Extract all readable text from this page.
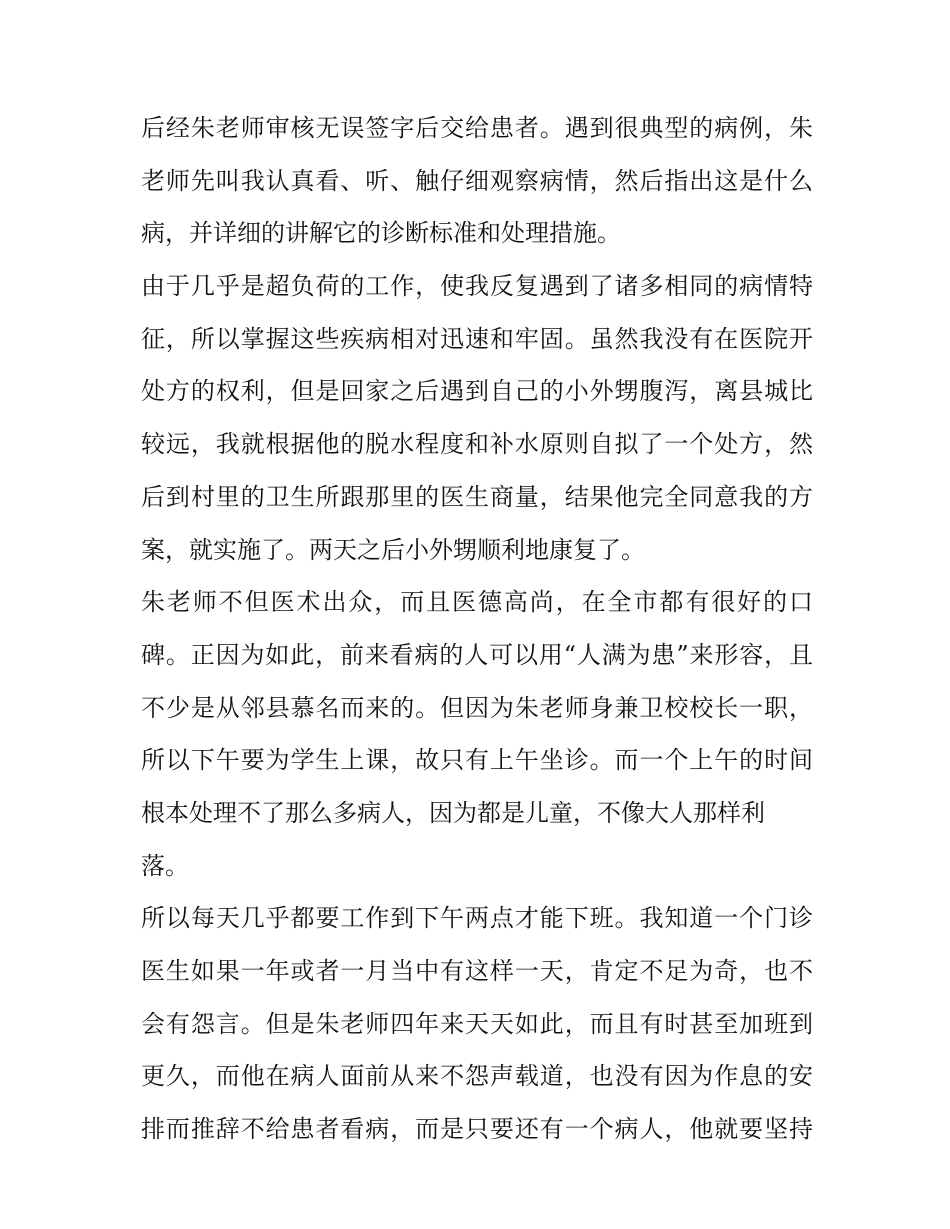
后经朱老师审核无误签字后交给患者。遇到很典型的病例，朱
老师先叫我认真看、听、触仔细观察病情，然后指出这是什么
病，并详细的讲解它的诊断标准和处理措施。
由于几乎是超负荷的工作，使我反复遇到了诸多相同的病情特
征，所以掌握这些疾病相对迅速和牢固。虽然我没有在医院开
处方的权利，但是回家之后遇到自己的小外甥腹泻，离县城比
较远，我就根据他的脱水程度和补水原则自拟了一个处方，然
后到村里的卫生所跟那里的医生商量，结果他完全同意我的方
案，就实施了。两天之后小外甥顺利地康复了。
朱老师不但医术出众，而且医德高尚，在全市都有很好的口
碑。正因为如此，前来看病的人可以用“人满为患”来形容，且
不少是从邻县慕名而来的。但因为朱老师身兼卫校校长一职，
所以下午要为学生上课，故只有上午坐诊。而一个上午的时间
根本处理不了那么多病人，因为都是儿童，不像大人那样利
落。
所以每天几乎都要工作到下午两点才能下班。我知道一个门诊
医生如果一年或者一月当中有这样一天，肯定不足为奇，也不
会有怨言。但是朱老师四年来天天如此，而且有时甚至加班到
更久，而他在病人面前从来不怨声载道，也没有因为作息的安
排而推辞不给患者看病，而是只要还有一个病人，他就要坚持
